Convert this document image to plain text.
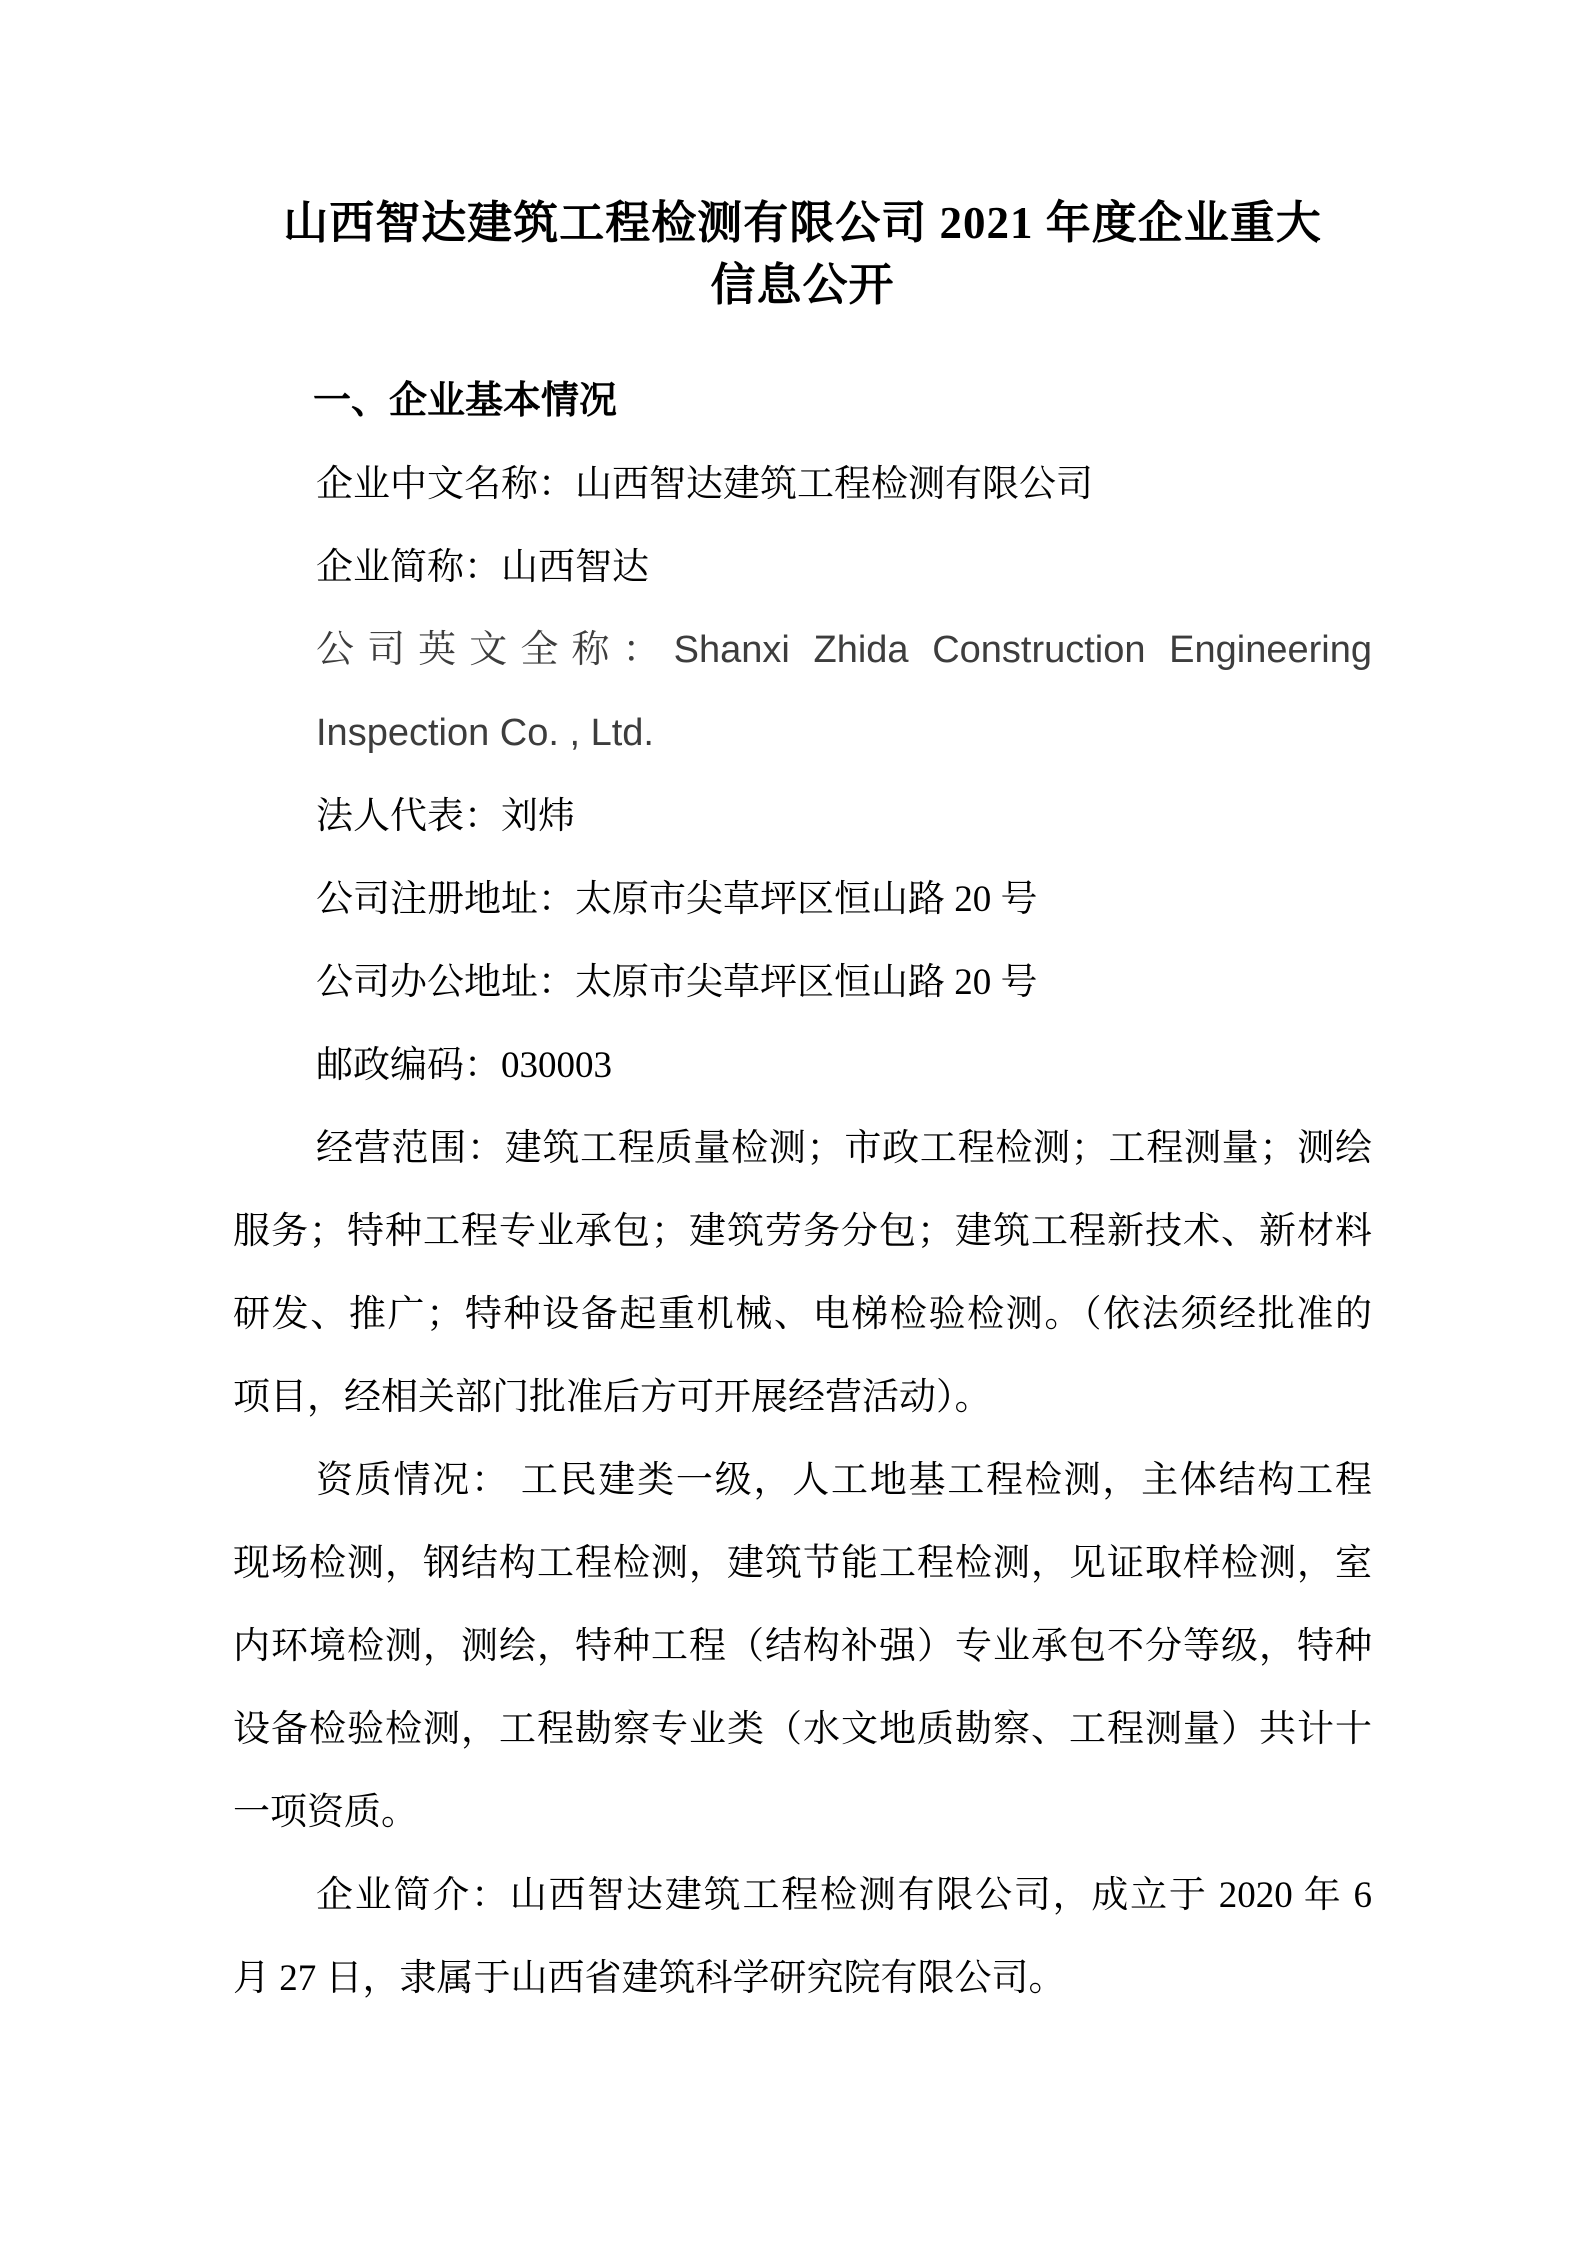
山西智达建筑工程检测有限公司 2021 年度企业重大
信息公开
一、企业基本情况
企业中文名称：山西智达建筑工程检测有限公司
企业简称：山西智达
公司英文全称：Shanxi Zhida Construction Engineering
Inspection Co. , Ltd.
法人代表：刘炜
公司注册地址：太原市尖草坪区恒山路 20 号
公司办公地址：太原市尖草坪区恒山路 20 号
邮政编码：030003
经营范围：建筑工程质量检测；市政工程检测；工程测量；测绘
服务；特种工程专业承包；建筑劳务分包；建筑工程新技术、新材料
研发、推广；特种设备起重机械、电梯检验检测。（依法须经批准的
项目，经相关部门批准后方可开展经营活动）。
资质情况： 工民建类一级，人工地基工程检测，主体结构工程
现场检测，钢结构工程检测，建筑节能工程检测，见证取样检测，室
内环境检测，测绘，特种工程（结构补强）专业承包不分等级，特种
设备检验检测，工程勘察专业类（水文地质勘察、工程测量）共计十
一项资质。
企业简介：山西智达建筑工程检测有限公司，成立于 2020 年 6
月 27 日，隶属于山西省建筑科学研究院有限公司。
